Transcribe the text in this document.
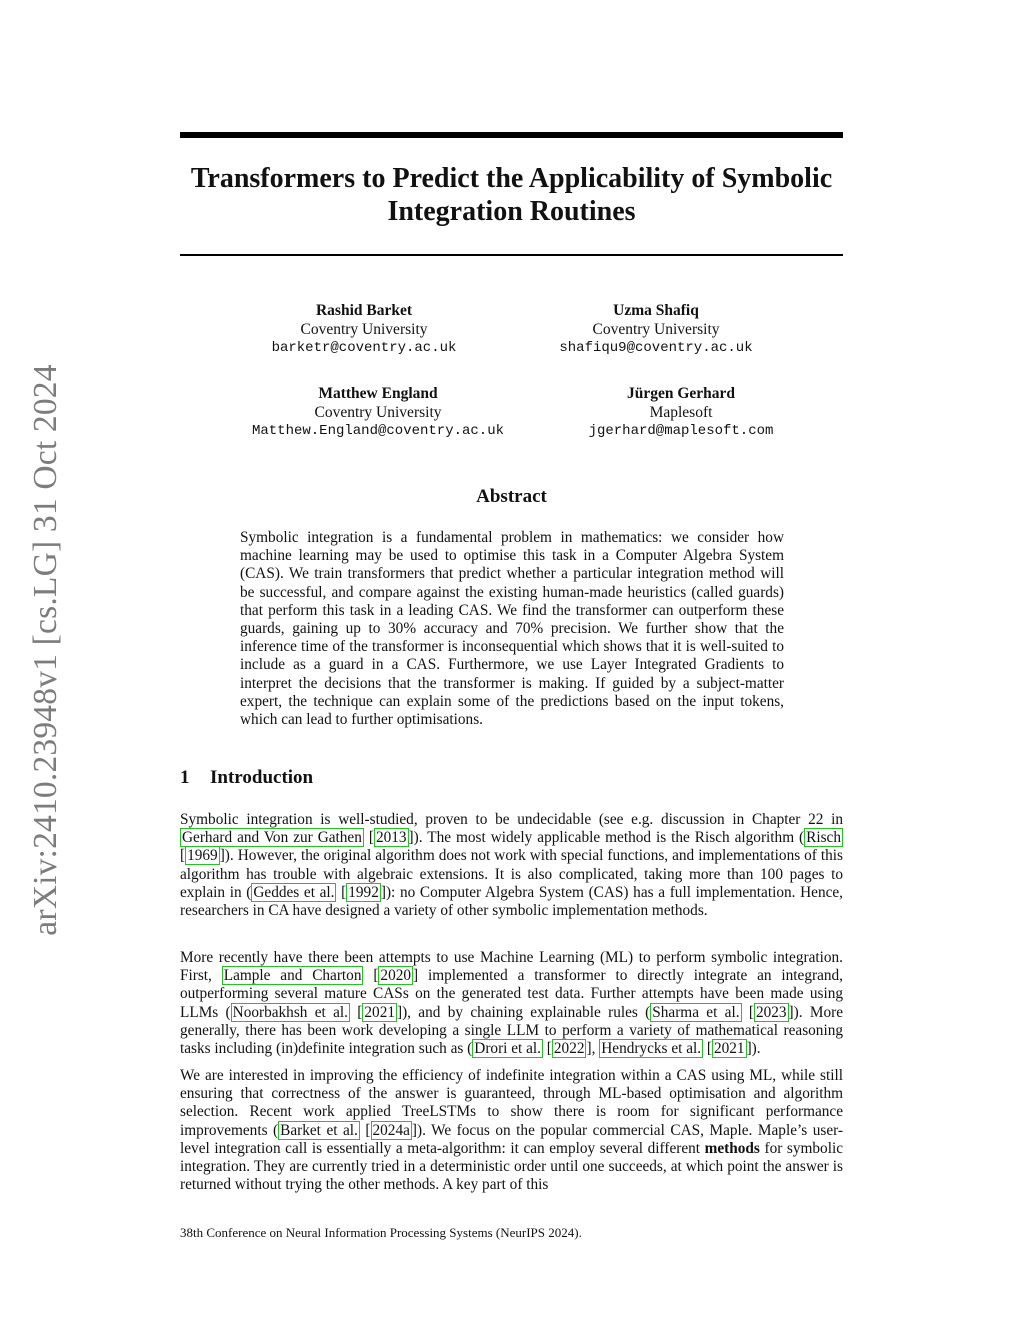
arXiv:2410.23948v1 [cs.LG] 31 Oct 2024
Transformers to Predict the Applicability of Symbolic Integration Routines
Rashid Barket
Coventry University
barketr@coventry.ac.uk
Uzma Shafiq
Coventry University
shafiqu9@coventry.ac.uk
Matthew England
Coventry University
Matthew.England@coventry.ac.uk
Jürgen Gerhard
Maplesoft
jgerhard@maplesoft.com
Abstract

Symbolic integration is a fundamental problem in mathematics: we consider how machine learning may be used to optimise this task in a Computer Algebra System (CAS). We train transformers that predict whether a particular integration method will be successful, and compare against the existing human-made heuristics (called guards) that perform this task in a leading CAS. We find the transformer can outperform these guards, gaining up to 30% accuracy and 70% precision. We further show that the inference time of the transformer is inconsequential which shows that it is well-suited to include as a guard in a CAS. Furthermore, we use Layer Integrated Gradients to interpret the decisions that the transformer is making. If guided by a subject-matter expert, the technique can explain some of the predictions based on the input tokens, which can lead to further optimisations.

1 Introduction

Symbolic integration is well-studied, proven to be undecidable (see e.g. discussion in Chapter 22 in Gerhard and Von zur Gathen [ 2013 ]). The most widely applicable method is the Risch algorithm ( Risch [ 1969 ]). However, the original algorithm does not work with special functions, and implementations of this algorithm has trouble with algebraic extensions. It is also complicated, taking more than 100 pages to explain in ( Geddes et al. [ 1992 ]): no Computer Algebra System (CAS) has a full implementation. Hence, researchers in CA have designed a variety of other symbolic implementation methods.

More recently have there been attempts to use Machine Learning (ML) to perform symbolic integration. First, Lample and Charton [ 2020 ] implemented a transformer to directly integrate an integrand, outperforming several mature CASs on the generated test data. Further attempts have been made using LLMs ( Noorbakhsh et al. [ 2021 ]), and by chaining explainable rules ( Sharma et al. [ 2023 ]). More generally, there has been work developing a single LLM to perform a variety of mathematical reasoning tasks including (in)definite integration such as ( Drori et al. [ 2022 ], Hendrycks et al. [ 2021 ]).

We are interested in improving the efficiency of indefinite integration within a CAS using ML, while still ensuring that correctness of the answer is guaranteed, through ML-based optimisation and algorithm selection. Recent work applied TreeLSTMs to show there is room for significant performance improvements ( Barket et al. [ 2024a ]). We focus on the popular commercial CAS, Maple. Maple’s user-level integration call is essentially a meta-algorithm: it can employ several different methods for symbolic integration. They are currently tried in a deterministic order until one succeeds, at which point the answer is returned without trying the other methods. A key part of this

38th Conference on Neural Information Processing Systems (NeurIPS 2024).
